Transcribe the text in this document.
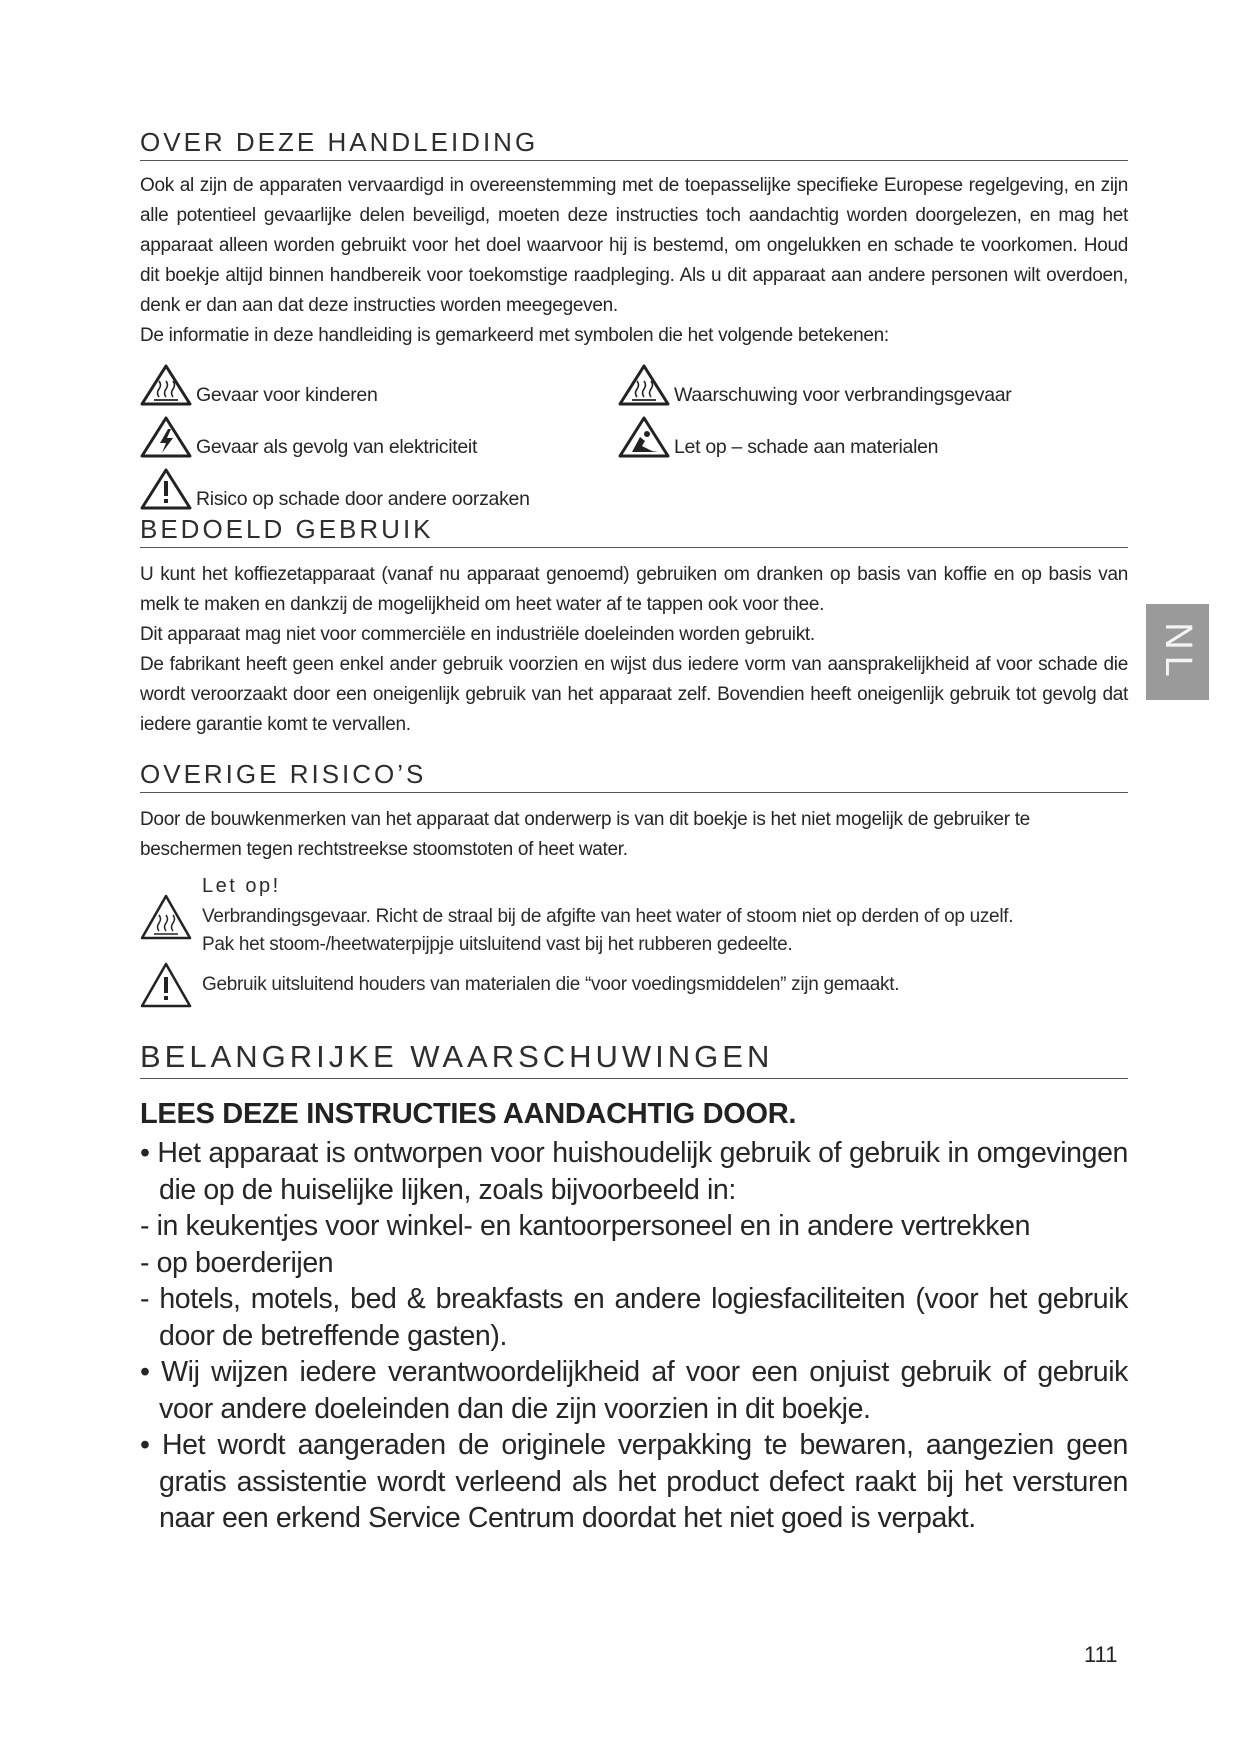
OVER DEZE HANDLEIDING

Ook al zijn de apparaten vervaardigd in overeenstemming met de toepasselijke specifieke Europese regelgeving, en zijn alle potentieel gevaarlijke delen beveiligd, moeten deze instructies toch aandachtig worden doorgelezen, en mag het apparaat alleen worden gebruikt voor het doel waarvoor hij is bestemd, om ongelukken en schade te voorkomen. Houd dit boekje altijd binnen handbereik voor toekomstige raadpleging. Als u dit apparaat aan andere personen wilt overdoen, denk er dan aan dat deze instructies worden meegegeven.

De informatie in deze handleiding is gemarkeerd met symbolen die het volgende betekenen:

Gevaar voor kinderen	Waarschuwing voor verbrandingsgevaar
Gevaar als gevolg van elektriciteit	Let op – schade aan materialen
Risico op schade door andere oorzaken
BEDOELD GEBRUIK

U kunt het koffiezetapparaat (vanaf nu apparaat genoemd) gebruiken om dranken op basis van koffie en op basis van melk te maken en dankzij de mogelijkheid om heet water af te tappen ook voor thee.

Dit apparaat mag niet voor commerciële en industriële doeleinden worden gebruikt.

De fabrikant heeft geen enkel ander gebruik voorzien en wijst dus iedere vorm van aansprakelijkheid af voor schade die wordt veroorzaakt door een oneigenlijk gebruik van het apparaat zelf. Bovendien heeft oneigenlijk gebruik tot gevolg dat iedere garantie komt te vervallen.

OVERIGE RISICO’S

Door de bouwkenmerken van het apparaat dat onderwerp is van dit boekje is het niet mogelijk de gebruiker te beschermen tegen rechtstreekse stoomstoten of heet water.

Let op!
Verbrandingsgevaar. Richt de straal bij de afgifte van heet water of stoom niet op derden of op uzelf.
Pak het stoom-/heetwaterpijpje uitsluitend vast bij het rubberen gedeelte.
Gebruik uitsluitend houders van materialen die “voor voedingsmiddelen” zijn gemaakt.
BELANGRIJKE WAARSCHUWINGEN
LEES DEZE INSTRUCTIES AANDACHTIG DOOR.
• Het apparaat is ontworpen voor huishoudelijk gebruik of gebruik in omgevingen die op de huiselijke lijken, zoals bijvoorbeeld in:
- in keukentjes voor winkel- en kantoorpersoneel en in andere vertrekken
- op boerderijen
- hotels, motels, bed & breakfasts en andere logiesfaciliteiten (voor het gebruik door de betreffende gasten).
• Wij wijzen iedere verantwoordelijkheid af voor een onjuist gebruik of gebruik voor andere doeleinden dan die zijn voorzien in dit boekje.
• Het wordt aangeraden de originele verpakking te bewaren, aangezien geen gratis assistentie wordt verleend als het product defect raakt bij het versturen naar een erkend Service Centrum doordat het niet goed is verpakt.
NL
111
